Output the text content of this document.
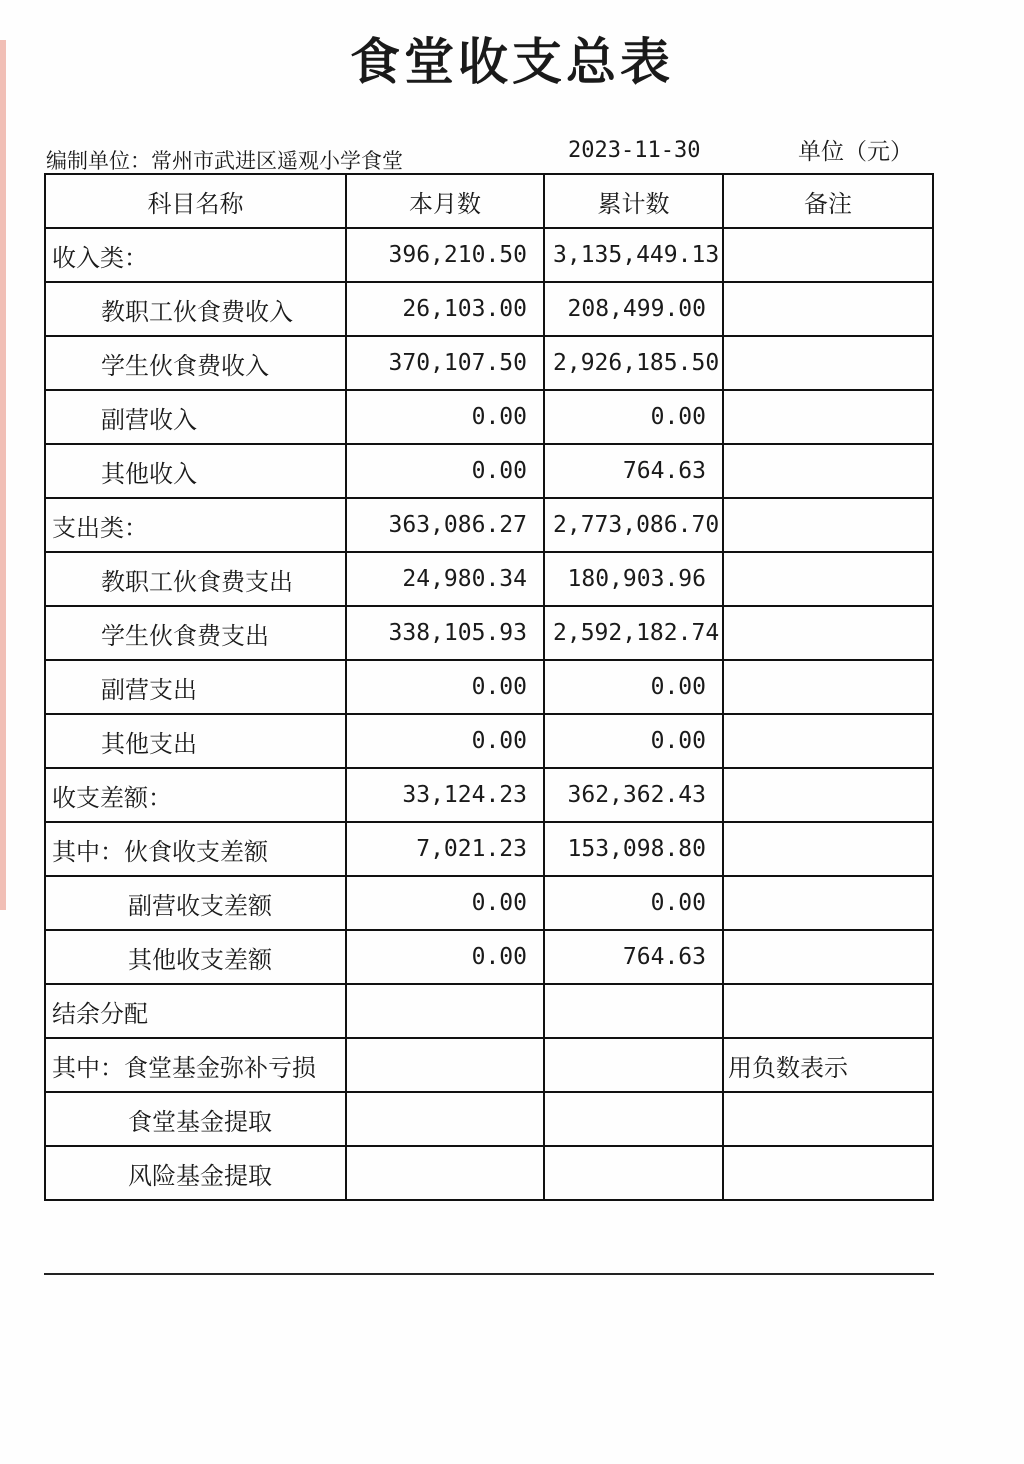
食堂收支总表
编制单位：常州市武进区遥观小学食堂	2023-11-30	单位（元）
科目名称	本月数	累计数	备注
收入类：	396,210.50	3,135,449.13	
教职工伙食费收入	26,103.00	208,499.00	
学生伙食费收入	370,107.50	2,926,185.50	
副营收入	0.00	0.00	
其他收入	0.00	764.63	
支出类：	363,086.27	2,773,086.70	
教职工伙食费支出	24,980.34	180,903.96	
学生伙食费支出	338,105.93	2,592,182.74	
副营支出	0.00	0.00	
其他支出	0.00	0.00	
收支差额：	33,124.23	362,362.43	
其中：伙食收支差额	7,021.23	153,098.80	
副营收支差额	0.00	0.00	
其他收支差额	0.00	764.63	
结余分配			
其中：食堂基金弥补亏损			用负数表示
食堂基金提取			
风险基金提取			
